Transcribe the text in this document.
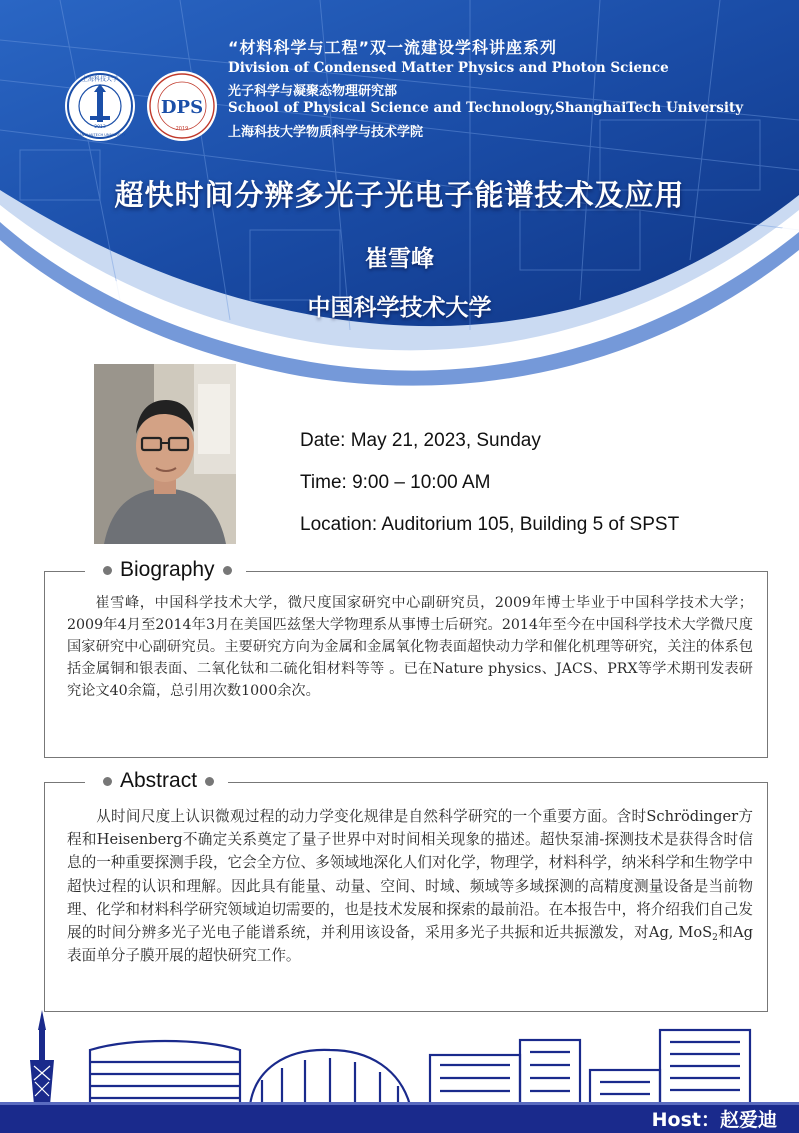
上海科技大学
SHANGHAITECH UNIVERSITY
2013
DPS
2019
“材料科学与工程”双一流建设学科讲座系列
Division of Condensed Matter Physics and Photon Science
光子科学与凝聚态物理研究部
School of Physical Science and Technology,ShanghaiTech University
上海科技大学物质科学与技术学院
超快时间分辨多光子光电子能谱技术及应用
崔雪峰
中国科学技术大学
Date: May 21, 2023, Sunday
Time: 9:00 – 10:00 AM
Location: Auditorium 105, Building 5 of SPST
Biography

崔雪峰，中国科学技术大学，微尺度国家研究中心副研究员，2009年博士毕业于中国科学技术大学；2009年4月至2014年3月在美国匹兹堡大学物理系从事博士后研究。2014年至今在中国科学技术大学微尺度国家研究中心副研究员。主要研究方向为金属和金属氧化物表面超快动力学和催化机理等研究，关注的体系包括金属铜和银表面、二氧化钛和二硫化钼材料等等 。已在Nature physics、JACS、PRX等学术期刊发表研究论文40余篇，总引用次数1000余次。

Abstract

从时间尺度上认识微观过程的动力学变化规律是自然科学研究的一个重要方面。含时Schrödinger方程和Heisenberg不确定关系奠定了量子世界中对时间相关现象的描述。超快泵浦-探测技术是获得含时信息的一种重要探测手段，它会全方位、多领域地深化人们对化学，物理学，材料科学，纳米科学和生物学中超快过程的认识和理解。因此具有能量、动量、空间、时域、频域等多域探测的高精度测量设备是当前物理、化学和材料科学研究领域迫切需要的，也是技术发展和探索的最前沿。在本报告中，将介绍我们自己发展的时间分辨多光子光电子能谱系统，并利用该设备，采用多光子共振和近共振激发，对Ag, MoS$_2$和Ag表面单分子膜开展的超快研究工作。

Host：赵爱迪
